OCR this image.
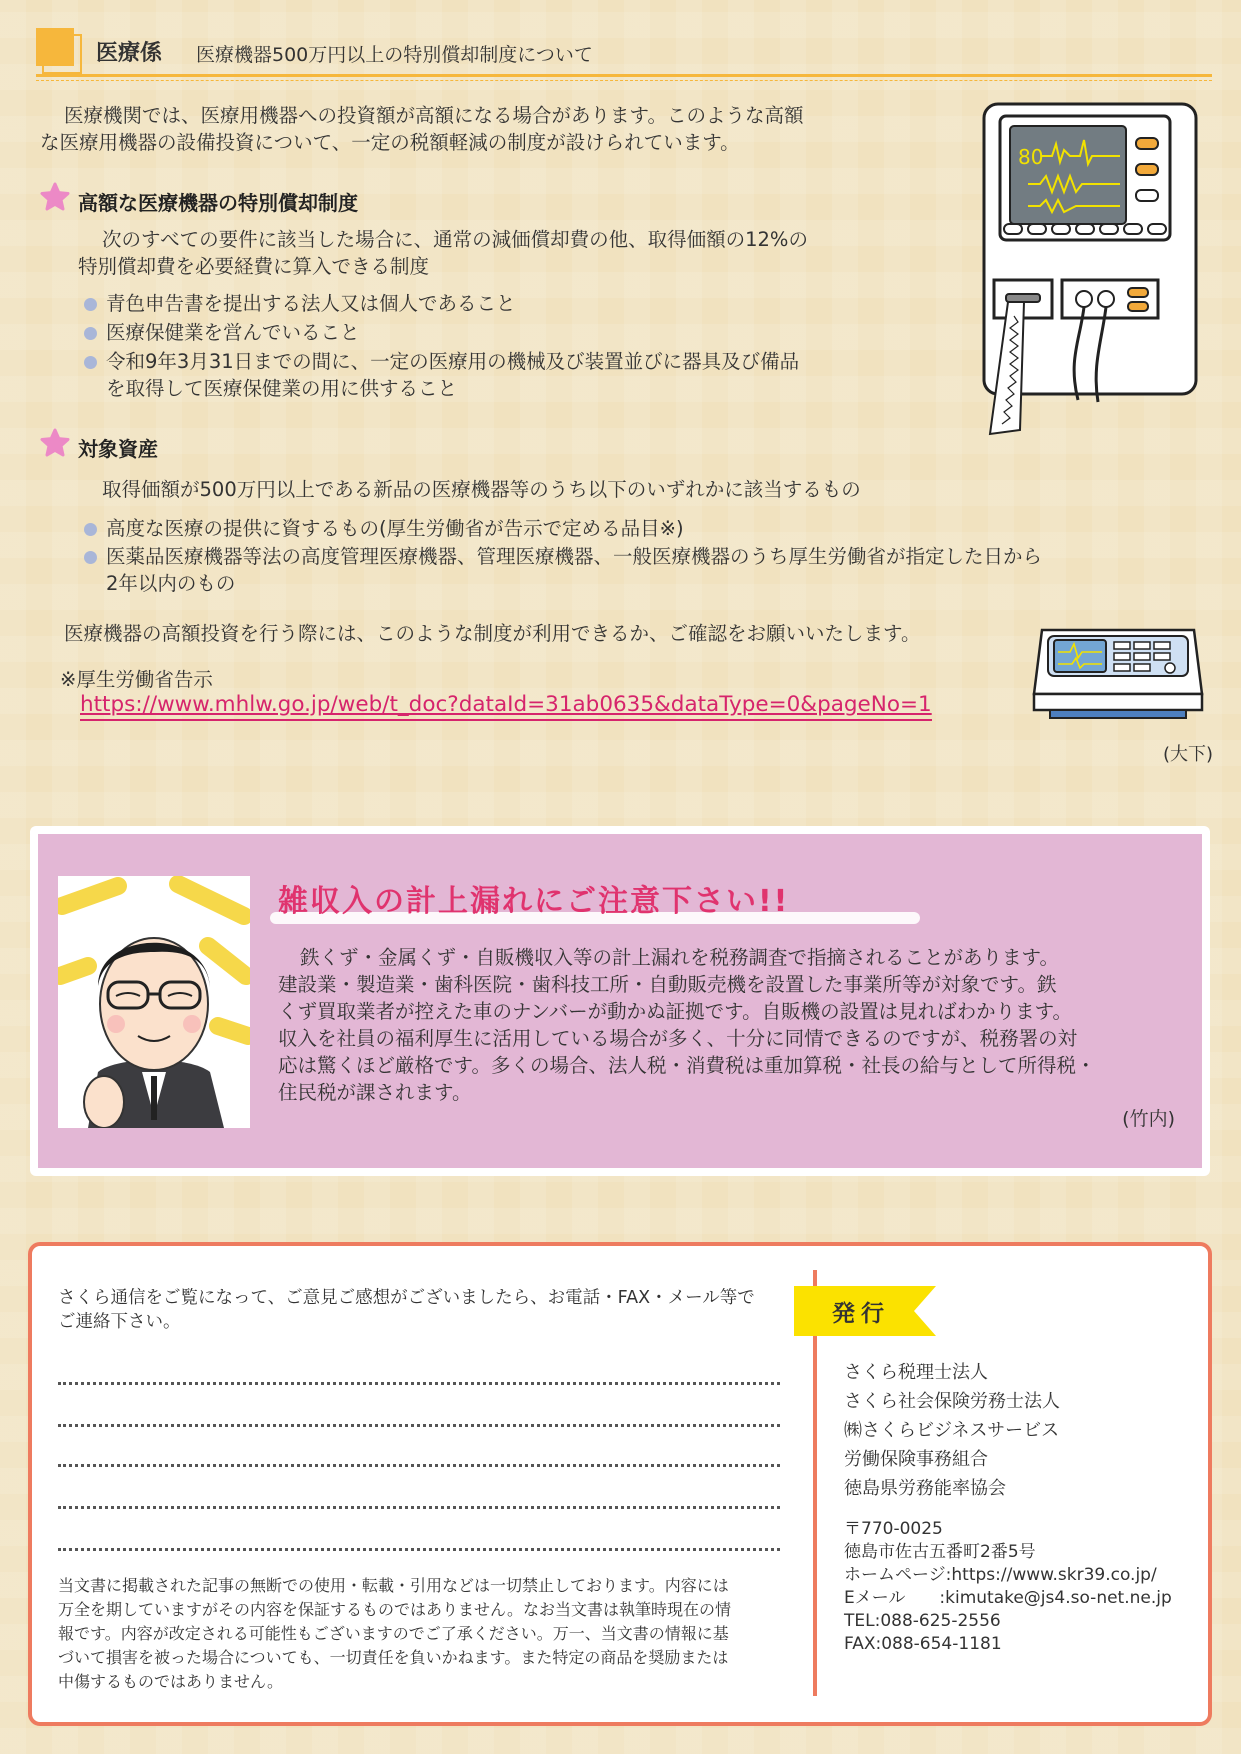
医療係 医療機器500万円以上の特別償却制度について
医療機関では、医療用機器への投資額が高額になる場合があります。このような高額
な医療用機器の設備投資について、一定の税額軽減の制度が設けられています。
高額な医療機器の特別償却制度
次のすべての要件に該当した場合に、通常の減価償却費の他、取得価額の12%の
特別償却費を必要経費に算入できる制度
青色申告書を提出する法人又は個人であること
医療保健業を営んでいること
令和9年3月31日までの間に、一定の医療用の機械及び装置並びに器具及び備品
を取得して医療保健業の用に供すること
80
対象資産
取得価額が500万円以上である新品の医療機器等のうち以下のいずれかに該当するもの
高度な医療の提供に資するもの(厚生労働省が告示で定める品目※)
医薬品医療機器等法の高度管理医療機器、管理医療機器、一般医療機器のうち厚生労働省が指定した日から
2年以内のもの
医療機器の高額投資を行う際には、このような制度が利用できるか、ご確認をお願いいたします。
※厚生労働省告示
https://www.mhlw.go.jp/web/t_doc?dataId=31ab0635&dataType=0&pageNo=1
(大下)
雑収入の計上漏れにご注意下さい!!
鉄くず・金属くず・自販機収入等の計上漏れを税務調査で指摘されることがあります。
建設業・製造業・歯科医院・歯科技工所・自動販売機を設置した事業所等が対象です。鉄
くず買取業者が控えた車のナンバーが動かぬ証拠です。自販機の設置は見ればわかります。
収入を社員の福利厚生に活用している場合が多く、十分に同情できるのですが、税務署の対
応は驚くほど厳格です。多くの場合、法人税・消費税は重加算税・社長の給与として所得税・
住民税が課されます。
(竹内)
さくら通信をご覧になって、ご意見ご感想がございましたら、お電話・FAX・メール等で
ご連絡下さい。
当文書に掲載された記事の無断での使用・転載・引用などは一切禁止しております。内容には
万全を期していますがその内容を保証するものではありません。なお当文書は執筆時現在の情
報です。内容が改定される可能性もございますのでご了承ください。万一、当文書の情報に基
づいて損害を被った場合についても、一切責任を負いかねます。また特定の商品を奨励または
中傷するものではありません。
発行
さくら税理士法人
さくら社会保険労務士法人
㈱さくらビジネスサービス
労働保険事務組合
徳島県労務能率協会
〒770-0025
徳島市佐古五番町2番5号
ホームページ:https://www.skr39.co.jp/
Eメール　　:kimutake@js4.so-net.ne.jp
TEL:088-625-2556
FAX:088-654-1181
